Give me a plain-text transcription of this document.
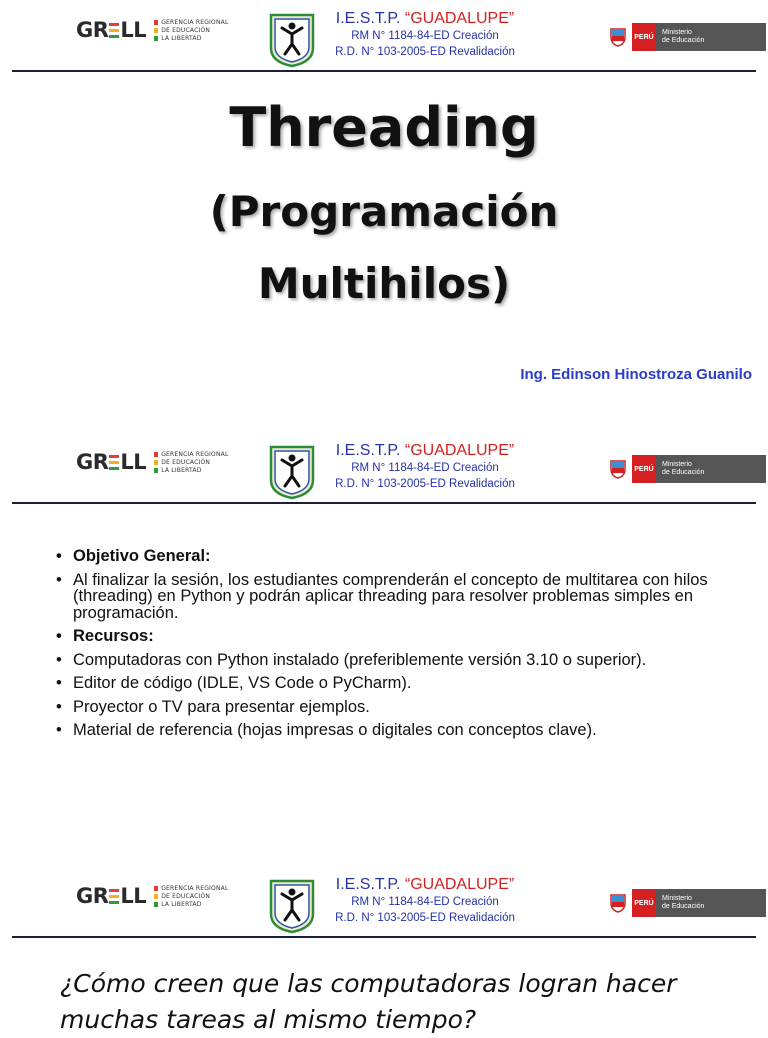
GR LL	GERENCIA REGIONAL
DE EDUCACIÓN
LA LIBERTAD
I.E.S.T.P. “GUADALUPE”
RM N° 1184-84-ED Creación
R.D. N° 103-2005-ED Revalidación
PERÚ
Ministerio
de Educación
Threading
(Programación
Multihilos)
Ing. Edinson Hinostroza Guanilo
GR LL	GERENCIA REGIONAL
DE EDUCACIÓN
LA LIBERTAD
I.E.S.T.P. “GUADALUPE”
RM N° 1184-84-ED Creación
R.D. N° 103-2005-ED Revalidación
PERÚ
Ministerio
de Educación
• Objetivo General:
• Al finalizar la sesión, los estudiantes comprenderán el concepto de multitarea con hilos (threading) en Python y podrán aplicar threading para resolver problemas simples en programación.
• Recursos:
• Computadoras con Python instalado (preferiblemente versión 3.10 o superior).
• Editor de código (IDLE, VS Code o PyCharm).
• Proyector o TV para presentar ejemplos.
• Material de referencia (hojas impresas o digitales con conceptos clave).
GR LL	GERENCIA REGIONAL
DE EDUCACIÓN
LA LIBERTAD
I.E.S.T.P. “GUADALUPE”
RM N° 1184-84-ED Creación
R.D. N° 103-2005-ED Revalidación
PERÚ
Ministerio
de Educación
¿Cómo creen que las computadoras logran hacer muchas tareas al mismo tiempo?
